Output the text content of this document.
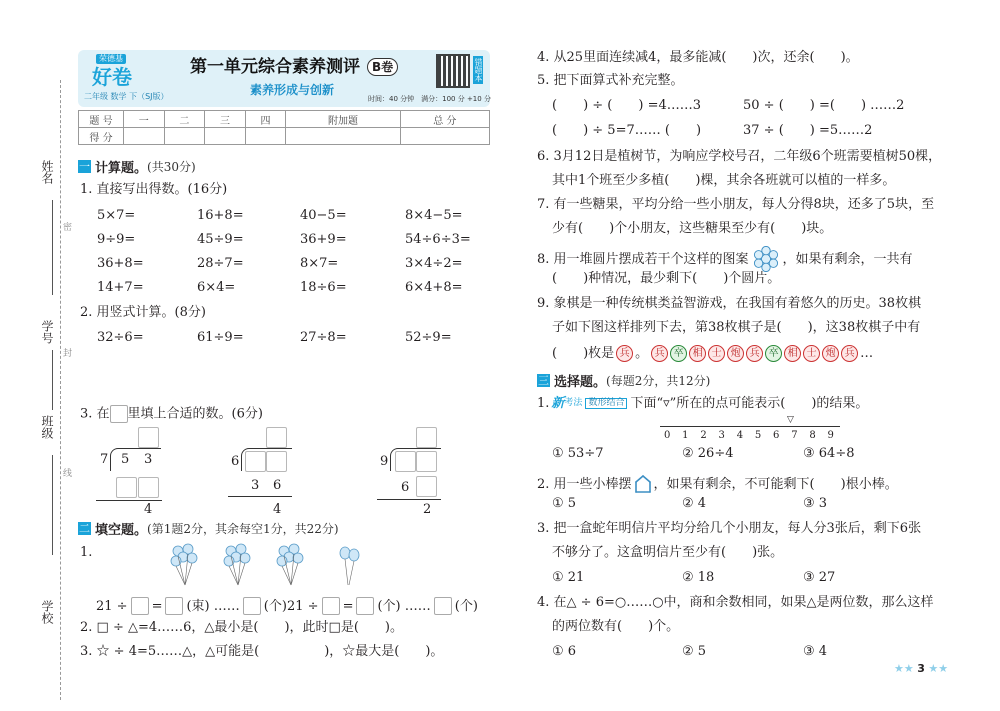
姓名
学号
班级
学校
密
封
线
荣德基
好卷
二年级 数学 下（SJ版）
第一单元综合素养测评	B卷
素养形成与创新
错题本
时间：40 分钟　满分：100 分 +10 分
题 号	一	二	三	四	附加题	总 分
得 分						
一 计算题。 (共30分)
1. 直接写出得数。(16分)
5×7=	16+8=	40−5=	8×4−5=
9÷9=	45÷9=	36+9=	54÷6÷3=
36+8=	28÷7=	8×7=	3×4÷2=
14+7=	6×4=	18÷6=	6×4+8=
2. 用竖式计算。(8分)
32÷6=	61÷9=	27÷8=	52÷9=
3. 在 里填上合适的数。(6分)
7 5 3
4
6
3 6
4
9
6
2
二 填空题。 (第1题2分，其余每空1分，共22分)
1.
21 ÷ = (束) …… (个) 21 ÷ = (个) …… (个)
2. □ ÷ △=4……6，△最小是(　　)，此时□是(　　)。
3. ☆ ÷ 4=5……△，△可能是(　　　　　)，☆最大是(　　)。
4. 从25里面连续减4，最多能减(　　)次，还余(　　)。
5. 把下面算式补充完整。
(　　) ÷ (　　) =4……3	50 ÷ (　　) =(　　) ……2
(　　) ÷ 5=7…… (　　)	37 ÷ (　　) =5……2
6. 3月12日是植树节，为响应学校号召，二年级6个班需要植树50棵，
其中1个班至少多植(　　)棵，其余各班就可以植的一样多。
7. 有一些糖果，平均分给一些小朋友，每人分得8块，还多了5块，至
少有(　　)个小朋友，这些糖果至少有(　　)块。
8. 用一堆圆片摆成若干个这样的图案	，如果有剩余，一共有
(　　)种情况，最少剩下(　　)个圆片。
9. 象棋是一种传统棋类益智游戏，在我国有着悠久的历史。38枚棋
子如下图这样排列下去，第38枚棋子是(　　)，这38枚棋子中有
(　　)枚是 兵 。 兵 卒 相 士 炮 兵 卒 相 士 炮 兵 …
三 选择题。 (每题2分，共12分)
1. 新 考法 数形结合 下面“▿”所在的点可能表示(　　)的结果。
▽
0 1 2 3 4 5 6 7 8 9
① 53÷7	② 26÷4	③ 64÷8
2. 用一些小棒摆 ，如果有剩余，不可能剩下(　　)根小棒。
① 5	② 4	③ 3
3. 把一盒蛇年明信片平均分给几个小朋友，每人分3张后，剩下6张
不够分了。这盒明信片至少有(　　)张。
① 21	② 18	③ 27
4. 在△ ÷ 6=○……○中，商和余数相同，如果△是两位数，那么这样
的两位数有(　　)个。
① 6	② 5	③ 4
★★ 3 ★★
